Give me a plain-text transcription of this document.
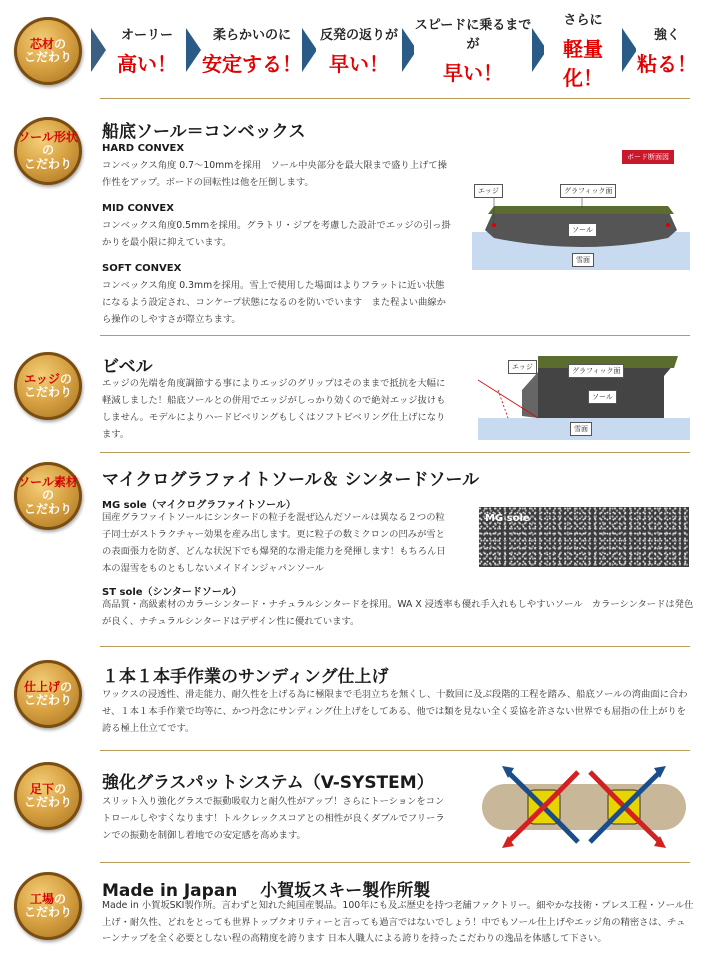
芯材の
こだわり
オーリー
高い！
柔らかいのに
安定する！
反発の返りが
早い！
スピードに乗るまでが
早い！
さらに
軽量化！
強く
粘る！
ソール形状の
こだわり
船底ソール＝コンベックス
HARD CONVEX
コンベックス角度 0.7〜10mmを採用　ソール中央部分を最大限まで盛り上げて操作性をアップ。ボードの回転性は他を圧倒します。
MID CONVEX
コンベックス角度0.5mmを採用。グラトリ・ジブを考慮した設計でエッジの引っ掛かりを最小限に抑えています。
SOFT CONVEX
コンベックス角度 0.3mmを採用。雪上で使用した場面はよりフラットに近い状態になるよう設定され、コンケープ状態になるのを防いでいます　また程よい曲線から操作のしやすさが際立ちます。
ボード断面図
エッジ	グラフィック面
ソール
雪面
エッジの
こだわり
ビベル
エッジの先端を角度調節する事によりエッジのグリップはそのままで抵抗を大幅に軽減しました！船底ソールとの併用でエッジがしっかり効くので絶対エッジ抜けもしません。モデルによりハードビベリングもしくはソフトビベリング仕上げになります。
エッジ	グラフィック面
ソール
雪面
ソール素材の
こだわり
マイクログラファイトソール＆ シンタードソール
MG sole（マイクログラファイトソール）
国産グラファイトソールにシンタードの粒子を混ぜ込んだソールは異なる２つの粒子同士がストラクチャー効果を産み出します。更に粒子の数ミクロンの凹みが雪との表面張力を防ぎ、どんな状況下でも爆発的な滑走能力を発揮します！もちろん日本の湿雪をものともしないメイドインジャパンソール
MG sole
ST sole（シンタードソール）
高品質・高級素材のカラーシンタード・ナチュラルシンタードを採用。WA X 浸透率も優れ手入れもしやすいソール　カラーシンタードは発色が良く、ナチュラルシンタードはデザイン性に優れています。
仕上げの
こだわり
１本１本手作業のサンディング仕上げ
ワックスの浸透性、滑走能力、耐久性を上げる為に極限まで毛羽立ちを無くし、十数回に及ぶ段階的工程を踏み、船底ソールの湾曲面に合わせ、１本１本手作業で均等に、かつ丹念にサンディング仕上げをしてある、他では類を見ない全く妥協を許さない世界でも屈指の仕上がりを誇る極上仕立てです。
足下の
こだわり
強化グラスパットシステム（V-SYSTEM）
スリット入り強化グラスで振動吸収力と耐久性がアップ！さらにトーションをコントロールしやすくなります！トルクレックスコアとの相性が良くダブルでフリーランでの振動を制御し着地での安定感を高めます。
工場の
こだわり
Made in Japan　 小賀坂スキー製作所製
Made in 小賀坂SKI製作所。言わずと知れた純国産製品。100年にも及ぶ歴史を持つ老舗ファクトリー。細やかな技術・プレス工程・ソール仕上げ・耐久性、どれをとっても世界トップクオリティーと言っても過言ではないでしょう！中でもソール仕上げやエッジ角の精密さは、チューンナップを全く必要としない程の高精度を誇ります 日本人職人による誇りを持ったこだわりの逸品を体感して下さい。
